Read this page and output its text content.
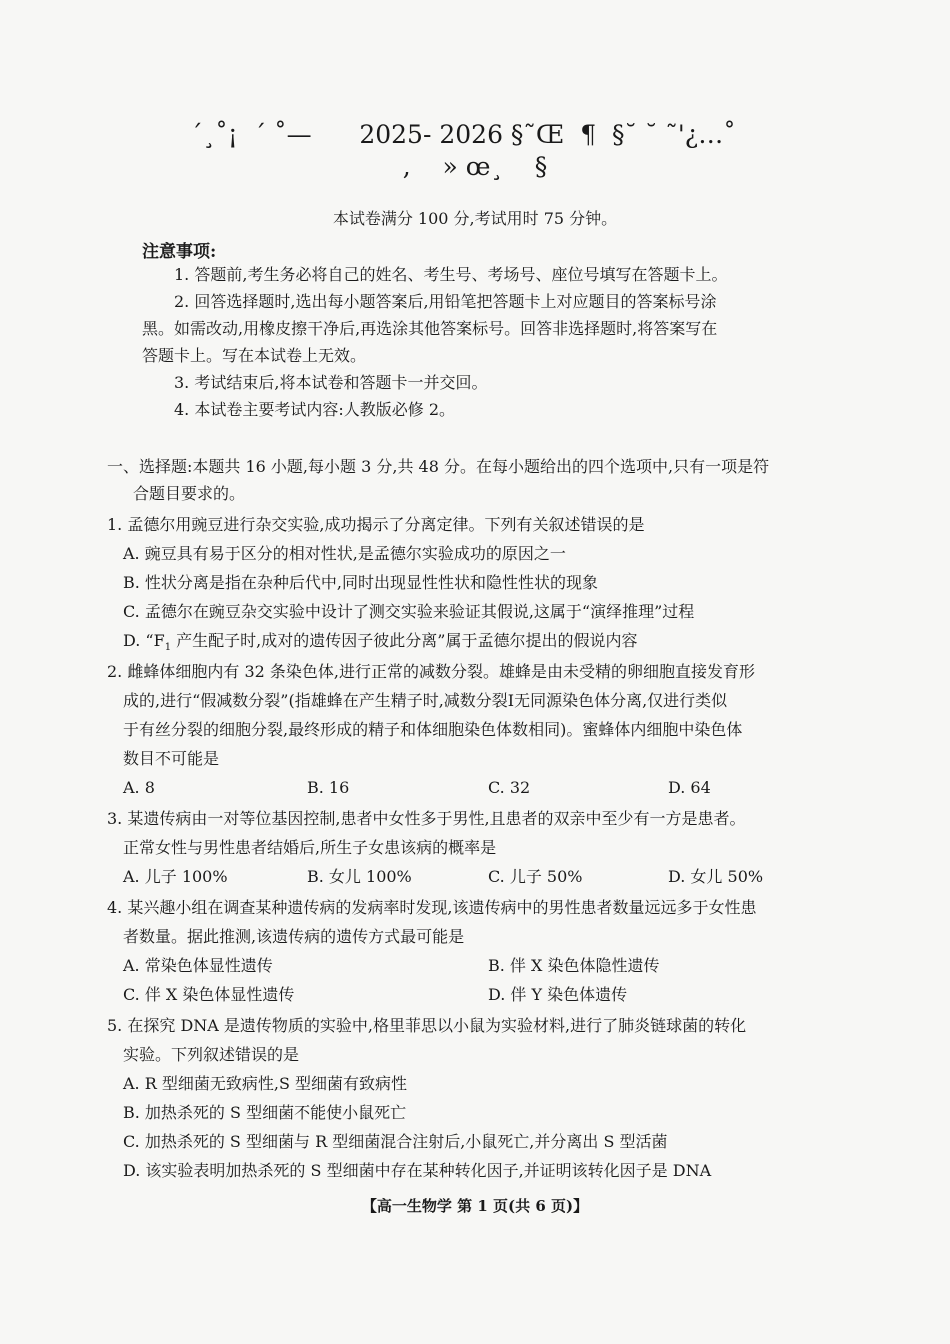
´¸˚¡  ´ ˚—      2025- 2026 §˜Œ  ¶  §˘ ˘ ˜'¿…˚
,    » œ¸    §
本试卷满分 100 分,考试用时 75 分钟。
注意事项:
1. 答题前,考生务必将自己的姓名、考生号、考场号、座位号填写在答题卡上。
2. 回答选择题时,选出每小题答案后,用铅笔把答题卡上对应题目的答案标号涂
黑。如需改动,用橡皮擦干净后,再选涂其他答案标号。回答非选择题时,将答案写在
答题卡上。写在本试卷上无效。
3. 考试结束后,将本试卷和答题卡一并交回。
4. 本试卷主要考试内容:人教版必修 2。
一、选择题:本题共 16 小题,每小题 3 分,共 48 分。在每小题给出的四个选项中,只有一项是符
合题目要求的。
1. 孟德尔用豌豆进行杂交实验,成功揭示了分离定律。下列有关叙述错误的是
A. 豌豆具有易于区分的相对性状,是孟德尔实验成功的原因之一
B. 性状分离是指在杂种后代中,同时出现显性性状和隐性性状的现象
C. 孟德尔在豌豆杂交实验中设计了测交实验来验证其假说,这属于“演绎推理”过程
D. “$F_1$ 产生配子时,成对的遗传因子彼此分离”属于孟德尔提出的假说内容
2. 雌蜂体细胞内有 32 条染色体,进行正常的减数分裂。雄蜂是由未受精的卵细胞直接发育形
成的,进行“假减数分裂”(指雄蜂在产生精子时,减数分裂Ⅰ无同源染色体分离,仅进行类似
于有丝分裂的细胞分裂,最终形成的精子和体细胞染色体数相同)。蜜蜂体内细胞中染色体
数目不可能是
A. 8	B. 16	C. 32	D. 64
3. 某遗传病由一对等位基因控制,患者中女性多于男性,且患者的双亲中至少有一方是患者。
正常女性与男性患者结婚后,所生子女患该病的概率是
A. 儿子 100%	B. 女儿 100%	C. 儿子 50%	D. 女儿 50%
4. 某兴趣小组在调查某种遗传病的发病率时发现,该遗传病中的男性患者数量远远多于女性患
者数量。据此推测,该遗传病的遗传方式最可能是
A. 常染色体显性遗传	B. 伴 X 染色体隐性遗传
C. 伴 X 染色体显性遗传	D. 伴 Y 染色体遗传
5. 在探究 DNA 是遗传物质的实验中,格里菲思以小鼠为实验材料,进行了肺炎链球菌的转化
实验。下列叙述错误的是
A. R 型细菌无致病性,S 型细菌有致病性
B. 加热杀死的 S 型细菌不能使小鼠死亡
C. 加热杀死的 S 型细菌与 R 型细菌混合注射后,小鼠死亡,并分离出 S 型活菌
D. 该实验表明加热杀死的 S 型细菌中存在某种转化因子,并证明该转化因子是 DNA
【高一生物学 第 1 页(共 6 页)】
